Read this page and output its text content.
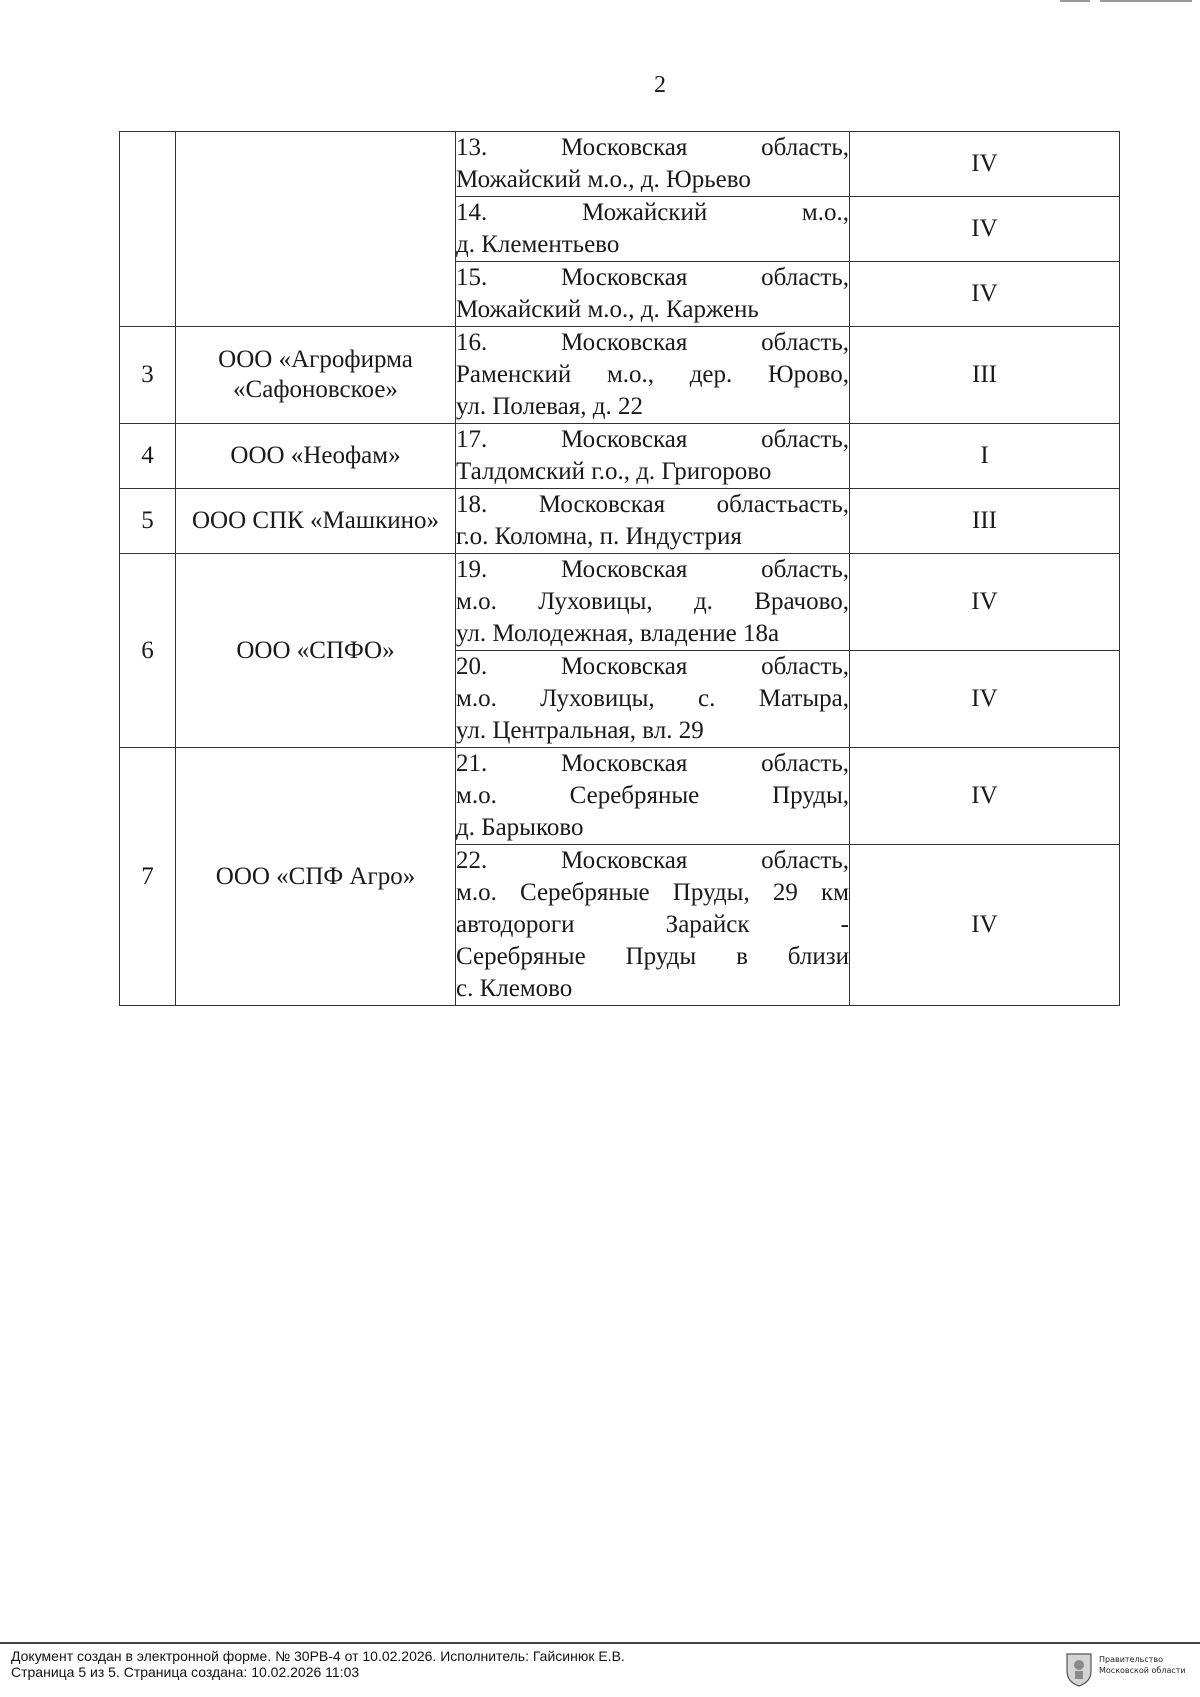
2

		13. Московская область,
Можайский м.о., д. Юрьево	IV

		14. Можайский м.о.,
д. Клементьево	IV

		15. Московская область,
Можайский м.о., д. Каржень	IV
3	ООО «Агрофирма «Сафоновское»	16. Московская область,
Раменский м.о., дер. Юрово,
ул. Полевая, д. 22	III
4	ООО «Неофам»	17. Московская область,
Талдомский г.о., д. Григорово	I
5	ООО СПК «Машкино»	18. Московская областьасть,
г.о. Коломна, п. Индустрия	III
6	ООО «СПФО»	19. Московская область,
м.о. Луховицы, д. Врачово,
ул. Молодежная, владение 18а	IV

		20. Московская область,
м.о. Луховицы, с. Матыра,
ул. Центральная, вл. 29	IV
7	ООО «СПФ Агро»	21. Московская область,
м.о. Серебряные Пруды,
д. Барыково	IV

		22. Московская область,
м.о. Серебряные Пруды, 29 км
автодороги Зарайск -
Серебряные Пруды в близи
с. Клемово	IV
Документ создан в электронной форме. № 30РВ-4 от 10.02.2026. Исполнитель: Гайсинюк Е.В.
Страница 5 из 5. Страница создана: 10.02.2026 11:03
Правительство
Московской области
